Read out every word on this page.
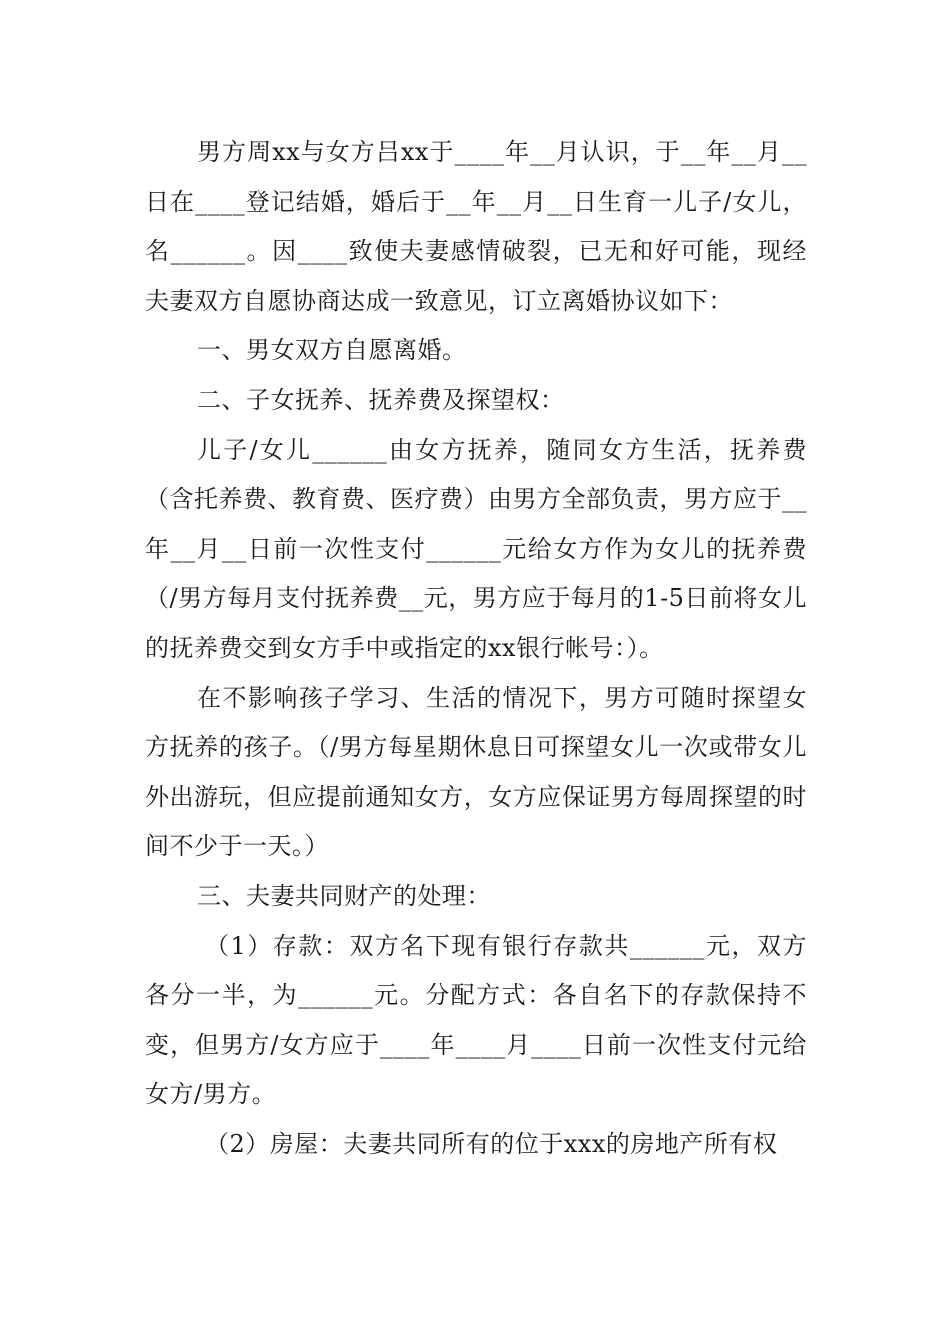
男方周xx与女方吕xx于____年__月认识，于__年__月__日在____登记结婚，婚后于__年__月__日生育一儿子/女儿，名______。因____致使夫妻感情破裂，已无和好可能，现经夫妻双方自愿协商达成一致意见，订立离婚协议如下：

一、男女双方自愿离婚。

二、子女抚养、抚养费及探望权：

儿子/女儿______由女方抚养，随同女方生活，抚养费（含托养费、教育费、医疗费）由男方全部负责，男方应于__年__月__日前一次性支付______元给女方作为女儿的抚养费（/男方每月支付抚养费__元，男方应于每月的1-5日前将女儿的抚养费交到女方手中或指定的xx银行帐号：）。

在不影响孩子学习、生活的情况下，男方可随时探望女方抚养的孩子。（/男方每星期休息日可探望女儿一次或带女儿外出游玩，但应提前通知女方，女方应保证男方每周探望的时间不少于一天。）

三、夫妻共同财产的处理：

（1）存款：双方名下现有银行存款共______元，双方各分一半，为______元。分配方式：各自名下的存款保持不变，但男方/女方应于____年____月____日前一次性支付元给女方/男方。

（2）房屋：夫妻共同所有的位于xxx的房地产所有权
